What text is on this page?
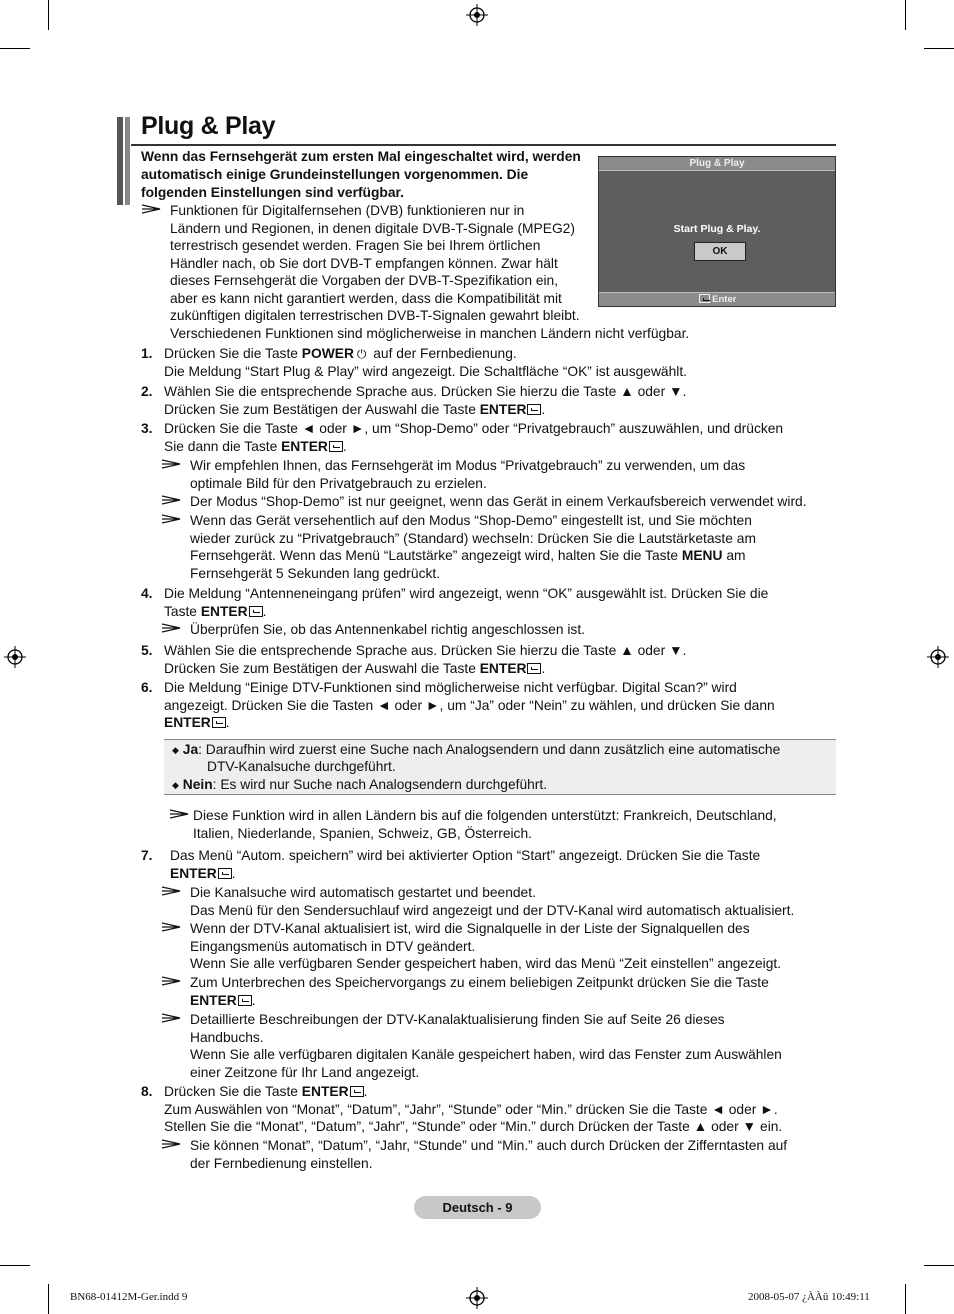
Plug & Play
Wenn das Fernsehgerät zum ersten Mal eingeschaltet wird, werden automatisch einige Grundeinstellungen vorgenommen. Die folgenden Einstellungen sind verfügbar.
Plug & Play
Start Plug & Play.
OK
Enter
Funktionen für Digitalfernsehen (DVB) funktionieren nur in
Ländern und Regionen, in denen digitale DVB-T-Signale (MPEG2)
terrestrisch gesendet werden. Fragen Sie bei Ihrem örtlichen
Händler nach, ob Sie dort DVB-T empfangen können. Zwar hält
dieses Fernsehgerät die Vorgaben der DVB-T-Spezifikation ein,
aber es kann nicht garantiert werden, dass die Kompatibilität mit
zukünftigen digitalen terrestrischen DVB-T-Signalen gewahrt bleibt.
Verschiedenen Funktionen sind möglicherweise in manchen Ländern nicht verfügbar.
1. Drücken Sie die Taste POWER ⏻ auf der Fernbedienung.
Die Meldung “Start Plug & Play” wird angezeigt. Die Schaltfläche “OK” ist ausgewählt.
2. Wählen Sie die entsprechende Sprache aus. Drücken Sie hierzu die Taste ▲ oder ▼.
Drücken Sie zum Bestätigen der Auswahl die Taste ENTER .
3. Drücken Sie die Taste ◄ oder ►, um “Shop-Demo” oder “Privatgebrauch” auszuwählen, und drücken
Sie dann die Taste ENTER .
Wir empfehlen Ihnen, das Fernsehgerät im Modus “Privatgebrauch” zu verwenden, um das
optimale Bild für den Privatgebrauch zu erzielen.
Der Modus “Shop-Demo” ist nur geeignet, wenn das Gerät in einem Verkaufsbereich verwendet wird.
Wenn das Gerät versehentlich auf den Modus “Shop-Demo” eingestellt ist, und Sie möchten
wieder zurück zu “Privatgebrauch” (Standard) wechseln: Drücken Sie die Lautstärketaste am
Fernsehgerät. Wenn das Menü “Lautstärke” angezeigt wird, halten Sie die Taste MENU am
Fernsehgerät 5 Sekunden lang gedrückt.
4. Die Meldung “Antenneneingang prüfen” wird angezeigt, wenn “OK” ausgewählt ist. Drücken Sie die
Taste ENTER .
Überprüfen Sie, ob das Antennenkabel richtig angeschlossen ist.
5. Wählen Sie die entsprechende Sprache aus. Drücken Sie hierzu die Taste ▲ oder ▼.
Drücken Sie zum Bestätigen der Auswahl die Taste ENTER .
6. Die Meldung “Einige DTV-Funktionen sind möglicherweise nicht verfügbar. Digital Scan?” wird
angezeigt. Drücken Sie die Tasten ◄ oder ►, um “Ja” oder “Nein” zu wählen, und drücken Sie dann
ENTER .
◆ Ja: Daraufhin wird zuerst eine Suche nach Analogsendern und dann zusätzlich eine automatische
DTV-Kanalsuche durchgeführt.
◆ Nein: Es wird nur Suche nach Analogsendern durchgeführt.
Diese Funktion wird in allen Ländern bis auf die folgenden unterstützt: Frankreich, Deutschland,
Italien, Niederlande, Spanien, Schweiz, GB, Österreich.
7. Das Menü “Autom. speichern” wird bei aktivierter Option “Start” angezeigt. Drücken Sie die Taste
ENTER .
Die Kanalsuche wird automatisch gestartet und beendet.
Das Menü für den Sendersuchlauf wird angezeigt und der DTV-Kanal wird automatisch aktualisiert.
Wenn der DTV-Kanal aktualisiert ist, wird die Signalquelle in der Liste der Signalquellen des
Eingangsmenüs automatisch in DTV geändert.
Wenn Sie alle verfügbaren Sender gespeichert haben, wird das Menü “Zeit einstellen” angezeigt.
Zum Unterbrechen des Speichervorgangs zu einem beliebigen Zeitpunkt drücken Sie die Taste
ENTER .
Detaillierte Beschreibungen der DTV-Kanalaktualisierung finden Sie auf Seite 26 dieses
Handbuchs.
Wenn Sie alle verfügbaren digitalen Kanäle gespeichert haben, wird das Fenster zum Auswählen
einer Zeitzone für Ihr Land angezeigt.
8. Drücken Sie die Taste ENTER .
Zum Auswählen von “Monat”, “Datum”, “Jahr”, “Stunde” oder “Min.” drücken Sie die Taste ◄ oder ►.
Stellen Sie die “Monat”, “Datum”, “Jahr”, “Stunde” oder “Min.” durch Drücken der Taste ▲ oder ▼ ein.
Sie können “Monat”, “Datum”, “Jahr, “Stunde” und “Min.” auch durch Drücken der Zifferntasten auf
der Fernbedienung einstellen.
Deutsch - 9
BN68-01412M-Ger.indd 9	2008-05-07 ¿ÀÀü 10:49:11
